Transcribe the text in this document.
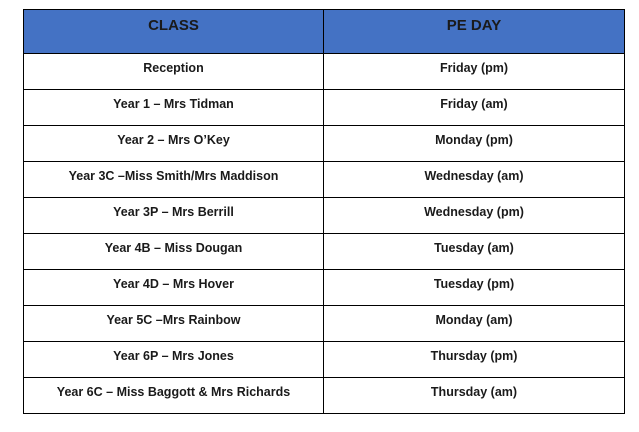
CLASS	PE DAY
Reception	Friday (pm)
Year 1 – Mrs Tidman	Friday (am)
Year 2 – Mrs O’Key	Monday (pm)
Year 3C –Miss Smith/Mrs Maddison	Wednesday (am)
Year 3P – Mrs Berrill	Wednesday (pm)
Year 4B – Miss Dougan	Tuesday (am)
Year 4D – Mrs Hover	Tuesday (pm)
Year 5C –Mrs Rainbow	Monday (am)
Year 6P – Mrs Jones	Thursday (pm)
Year 6C – Miss Baggott & Mrs Richards	Thursday (am)
